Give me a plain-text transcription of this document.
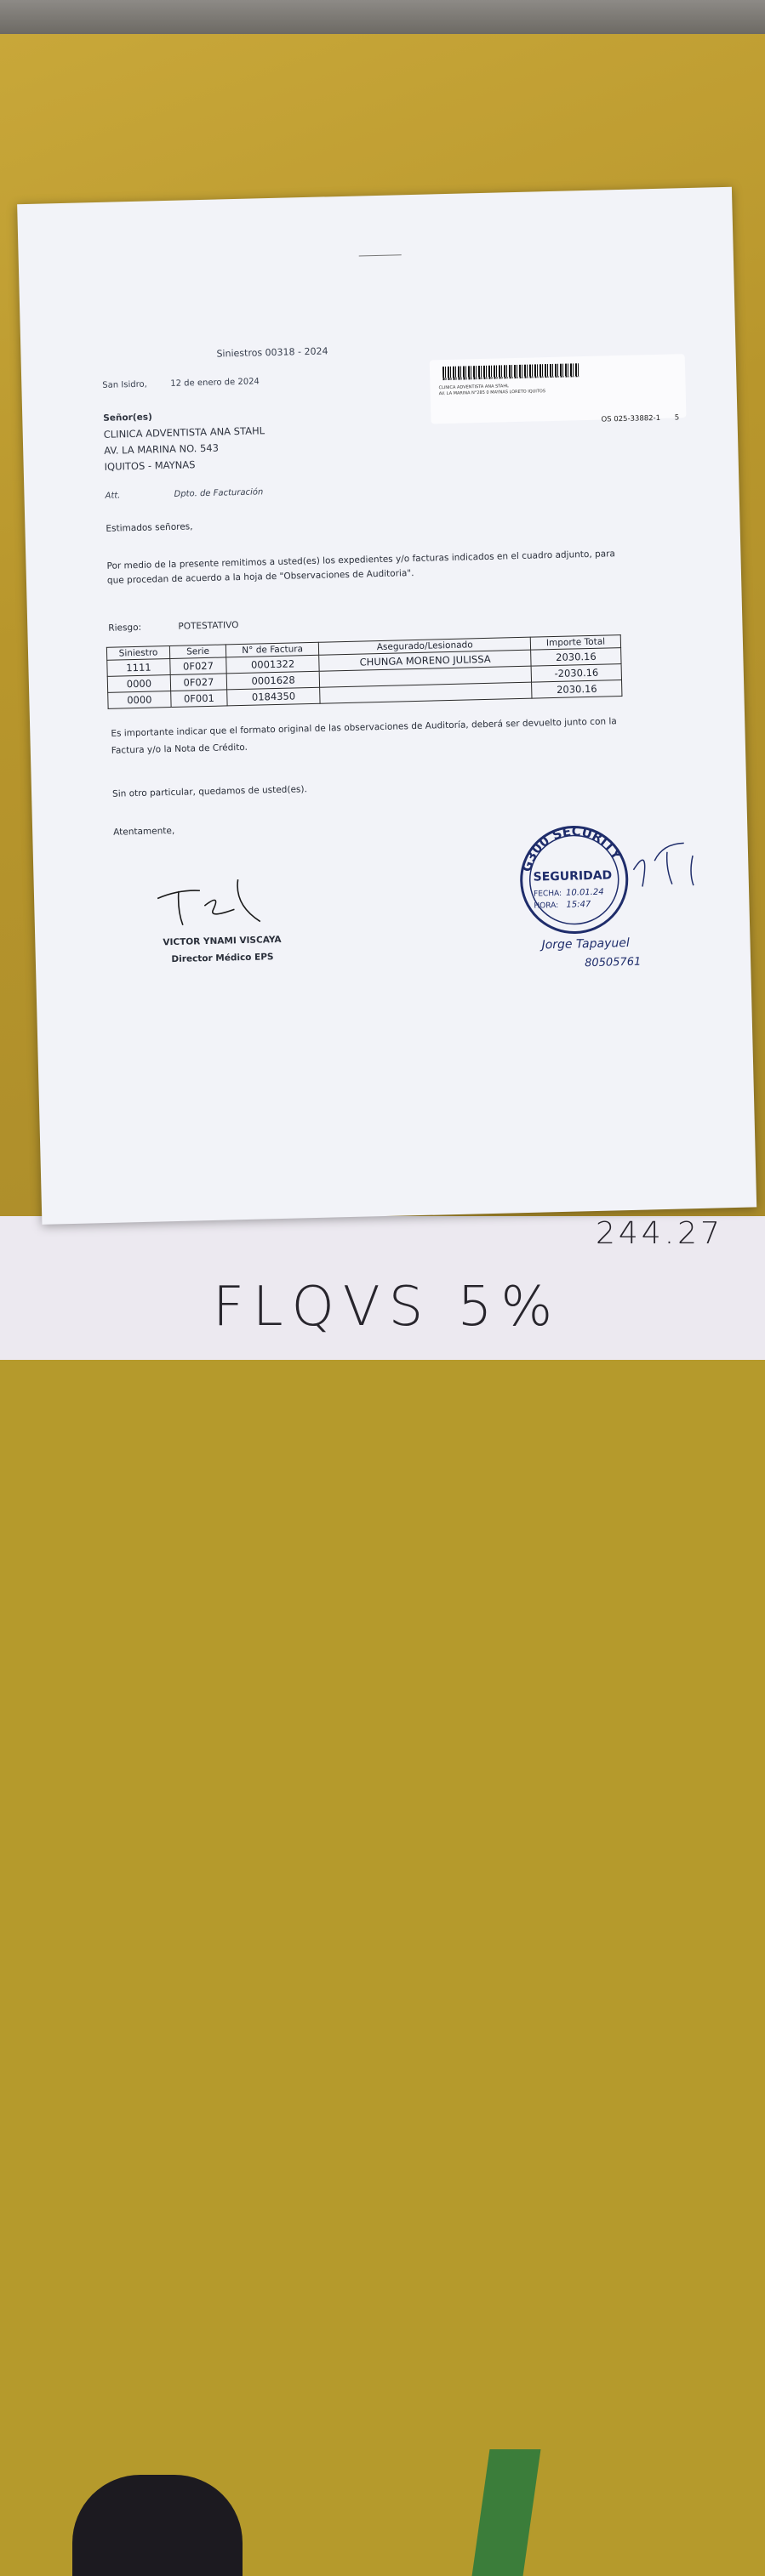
244.27
FLQVS 5%
Siniestros 00318 - 2024
San Isidro,	12 de enero de 2024	CLINICA ADVENTISTA ANA STAHL
AV. LA MARINA N°285 0 MAYNAS LORETO IQUITOS
OS 025-33882-1 5
Señor(es)
CLINICA ADVENTISTA ANA STAHL
AV. LA MARINA NO. 543
IQUITOS - MAYNAS
Att.	Dpto. de Facturación
Estimados señores,
Por medio de la presente remitimos a usted(es) los expedientes y/o facturas indicados en el cuadro adjunto, para que procedan de acuerdo a la hoja de "Observaciones de Auditoria".
Riesgo:	POTESTATIVO
Siniestro	Serie	N° de Factura	Asegurado/Lesionado	Importe Total
1111	0F027	0001322	CHUNGA MORENO JULISSA	2030.16
0000	0F027	0001628		-2030.16
0000	0F001	0184350		2030.16
Es importante indicar que el formato original de las observaciones de Auditoría, deberá ser devuelto junto con la Factura y/o la Nota de Crédito.
Sin otro particular, quedamos de usted(es).
Atentamente,
VICTOR YNAMI VISCAYA
Director Médico EPS
G300 SECURITY
SEGURIDAD
FECHA: 10.01.24
HORA: 15:47
Jorge Tapayuel
80505761
